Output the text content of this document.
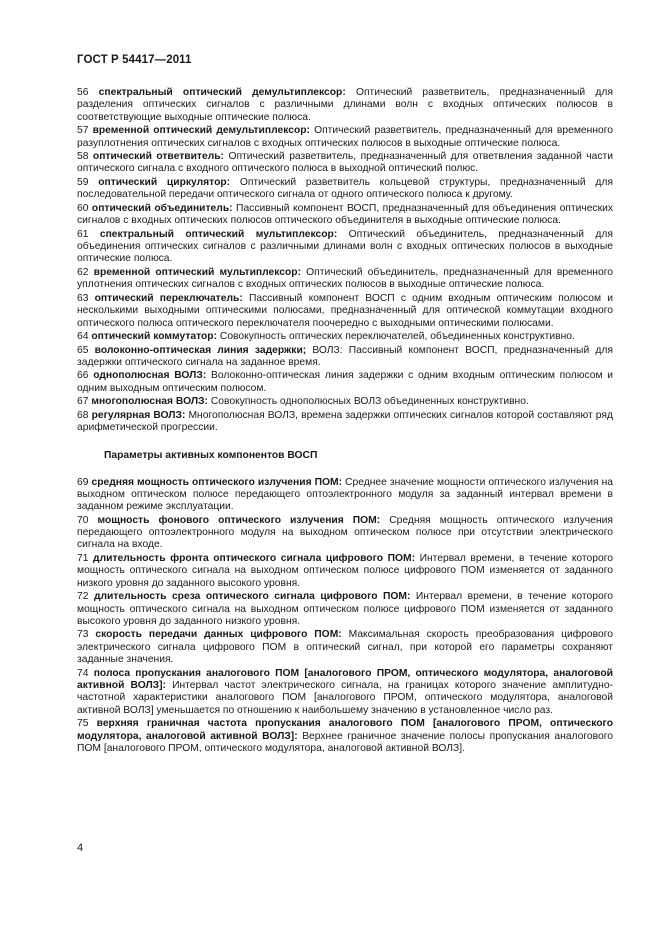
ГОСТ Р 54417—2011

56 спектральный оптический демультиплексор: Оптический разветвитель, предназначенный для разделения оптических сигналов с различными длинами волн с входных оптических полюсов в соответствующие выходные оптические полюса.

57 временной оптический демультиплексор: Оптический разветвитель, предназначенный для временного разуплотнения оптических сигналов с входных оптических полюсов в выходные оптические полюса.

58 оптический ответвитель: Оптический разветвитель, предназначенный для ответвления заданной части оптического сигнала с входного оптического полюса в выходной оптический полюс.

59 оптический циркулятор: Оптический разветвитель кольцевой структуры, предназначенный для последовательной передачи оптического сигнала от одного оптического полюса к другому.

60 оптический объединитель: Пассивный компонент ВОСП, предназначенный для объединения оптических сигналов с входных оптических полюсов оптического объединителя в выходные оптические полюса.

61 спектральный оптический мультиплексор: Оптический объединитель, предназначенный для объединения оптических сигналов с различными длинами волн с входных оптических полюсов в выходные оптические полюса.

62 временной оптический мультиплексор: Оптический объединитель, предназначенный для временного уплотнения оптических сигналов с входных оптических полюсов в выходные оптические полюса.

63 оптический переключатель: Пассивный компонент ВОСП с одним входным оптическим полюсом и несколькими выходными оптическими полюсами, предназначенный для оптической коммутации входного оптического полюса оптического переключателя поочередно с выходными оптическими полюсами.

64 оптический коммутатор: Совокупность оптических переключателей, объединенных конструктивно.

65 волоконно-оптическая линия задержки; ВОЛЗ: Пассивный компонент ВОСП, предназначенный для задержки оптического сигнала на заданное время.

66 однополюсная ВОЛЗ: Волоконно-оптическая линия задержки с одним входным оптическим полюсом и одним выходным оптическим полюсом.

67 многополюсная ВОЛЗ: Совокупность однополюсных ВОЛЗ объединенных конструктивно.

68 регулярная ВОЛЗ: Многополюсная ВОЛЗ, времена задержки оптических сигналов которой составляют ряд арифметической прогрессии.

Параметры активных компонентов ВОСП

69 средняя мощность оптического излучения ПОМ: Среднее значение мощности оптического излучения на выходном оптическом полюсе передающего оптоэлектронного модуля за заданный интервал времени в заданном режиме эксплуатации.

70 мощность фонового оптического излучения ПОМ: Средняя мощность оптического излучения передающего оптоэлектронного модуля на выходном оптическом полюсе при отсутствии электрического сигнала на входе.

71 длительность фронта оптического сигнала цифрового ПОМ: Интервал времени, в течение которого мощность оптического сигнала на выходном оптическом полюсе цифрового ПОМ изменяется от заданного низкого уровня до заданного высокого уровня.

72 длительность среза оптического сигнала цифрового ПОМ: Интервал времени, в течение которого мощность оптического сигнала на выходном оптическом полюсе цифрового ПОМ изменяется от заданного высокого уровня до заданного низкого уровня.

73 скорость передачи данных цифрового ПОМ: Максимальная скорость преобразования цифрового электрического сигнала цифрового ПОМ в оптический сигнал, при которой его параметры сохраняют заданные значения.

74 полоса пропускания аналогового ПОМ [аналогового ПРОМ, оптического модулятора, аналоговой активной ВОЛЗ]: Интервал частот электрического сигнала, на границах которого значение амплитудно-частотной характеристики аналогового ПОМ [аналогового ПРОМ, оптического модулятора, аналоговой активной ВОЛЗ] уменьшается по отношению к наибольшему значению в установленное число раз.

75 верхняя граничная частота пропускания аналогового ПОМ [аналогового ПРОМ, оптического модулятора, аналоговой активной ВОЛЗ]: Верхнее граничное значение полосы пропускания аналогового ПОМ [аналогового ПРОМ, оптического модулятора, аналоговой активной ВОЛЗ].

4
